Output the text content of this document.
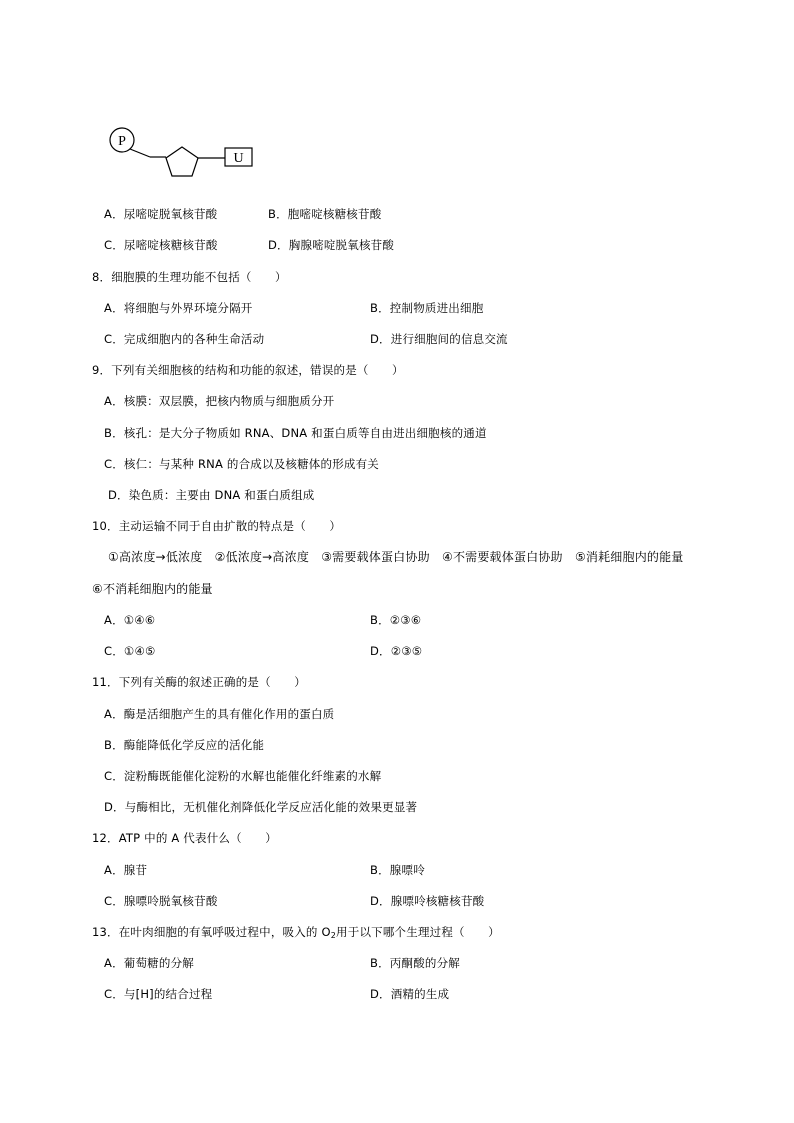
P
U
A．尿嘧啶脱氧核苷酸	B．胞嘧啶核糖核苷酸
C．尿嘧啶核糖核苷酸	D．胸腺嘧啶脱氧核苷酸
8．细胞膜的生理功能不包括（　　）
A．将细胞与外界环境分隔开	B．控制物质进出细胞
C．完成细胞内的各种生命活动	D．进行细胞间的信息交流
9．下列有关细胞核的结构和功能的叙述，错误的是（　　）
A．核膜：双层膜，把核内物质与细胞质分开
B．核孔：是大分子物质如 RNA、DNA 和蛋白质等自由进出细胞核的通道
C．核仁：与某种 RNA 的合成以及核糖体的形成有关
D．染色质：主要由 DNA 和蛋白质组成
10．主动运输不同于自由扩散的特点是（　　）
①高浓度→低浓度　②低浓度→高浓度　③需要载体蛋白协助　④不需要载体蛋白协助　⑤消耗细胞内的能量
⑥不消耗细胞内的能量
A．①④⑥	B．②③⑥
C．①④⑤	D．②③⑤
11．下列有关酶的叙述正确的是（　　）
A．酶是活细胞产生的具有催化作用的蛋白质
B．酶能降低化学反应的活化能
C．淀粉酶既能催化淀粉的水解也能催化纤维素的水解
D．与酶相比，无机催化剂降低化学反应活化能的效果更显著
12．ATP 中的 A 代表什么（　　）
A．腺苷	B．腺嘌呤
C．腺嘌呤脱氧核苷酸	D．腺嘌呤核糖核苷酸
13．在叶肉细胞的有氧呼吸过程中，吸入的 $O_2$用于以下哪个生理过程（　　）
A．葡萄糖的分解	B．丙酮酸的分解
C．与[H]的结合过程	D．酒精的生成
